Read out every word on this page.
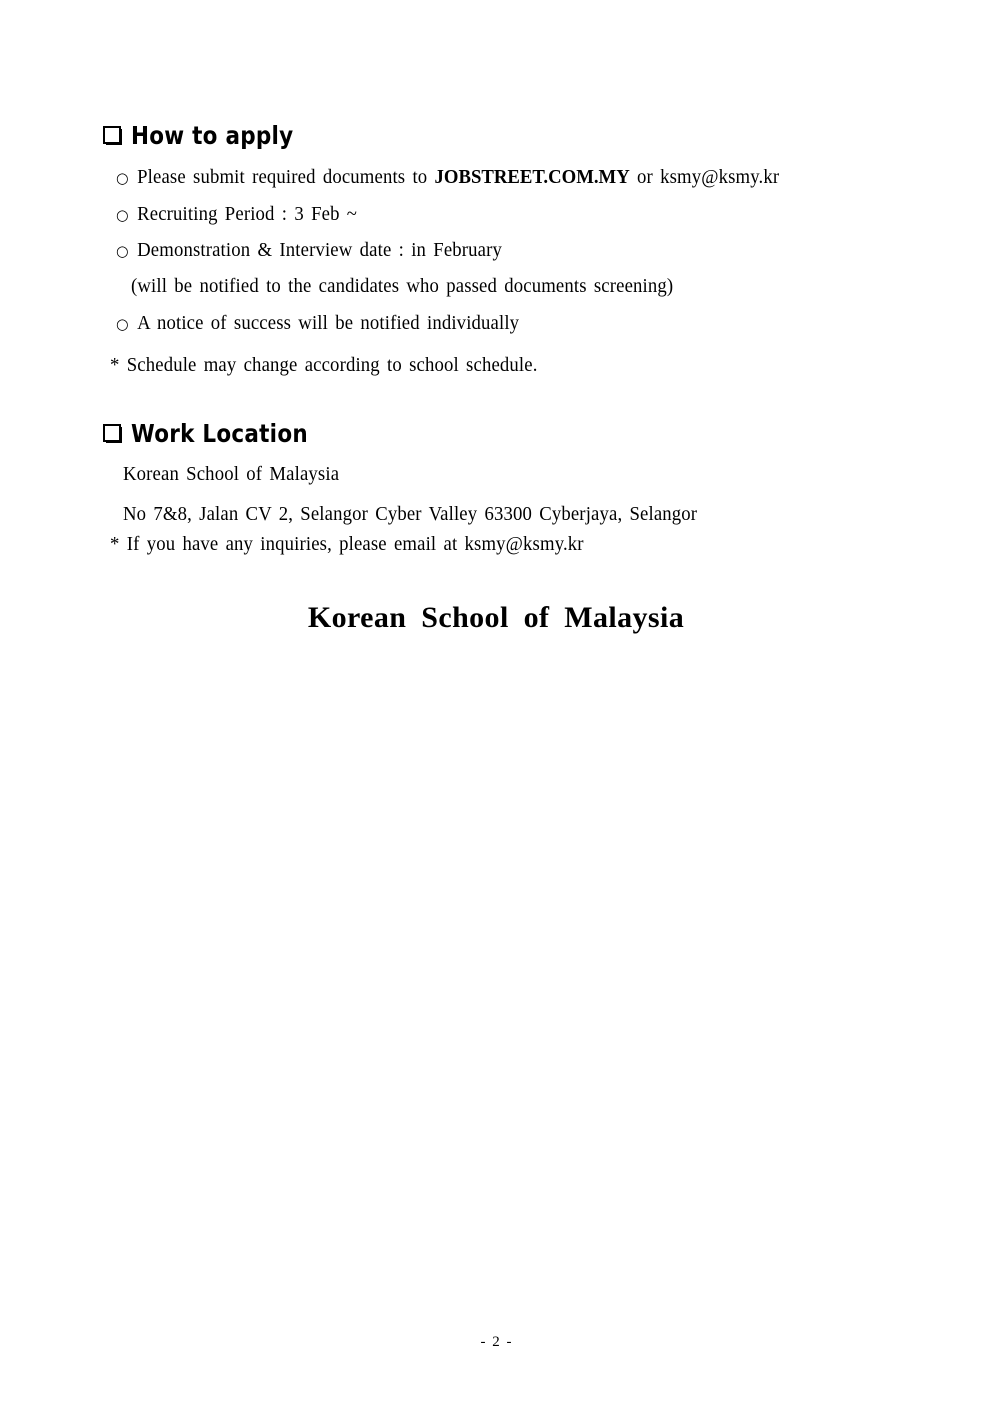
How to apply
○ Please submit required documents to JOBSTREET.COM.MY or ksmy@ksmy.kr
○ Recruiting Period : 3 Feb ~
○ Demonstration & Interview date : in February
(will be notified to the candidates who passed documents screening)
○ A notice of success will be notified individually
* Schedule may change according to school schedule.
Work Location
Korean School of Malaysia
No 7&8, Jalan CV 2, Selangor Cyber Valley 63300 Cyberjaya, Selangor
* If you have any inquiries, please email at ksmy@ksmy.kr
Korean School of Malaysia
- 2 -
